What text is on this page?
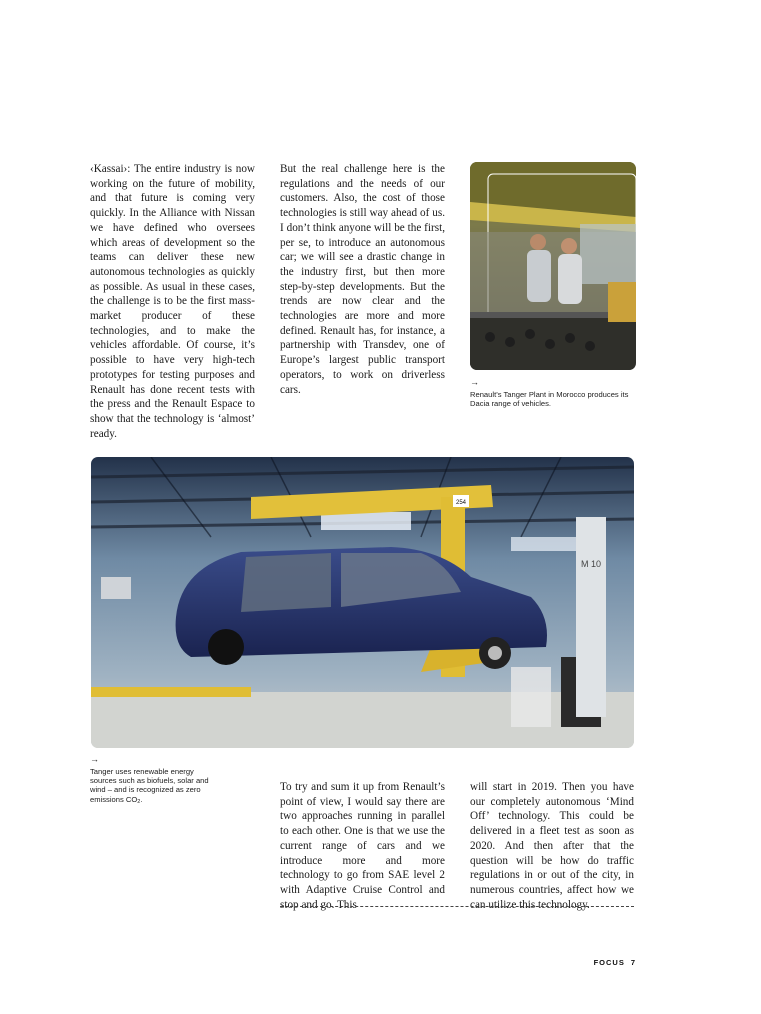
‹Kassai›: The entire industry is now working on the future of mobility, and that future is coming very quickly. In the Alliance with Nissan we have defined who oversees which areas of development so the teams can deliver these new autonomous technologies as quickly as possible. As usual in these cases, the challenge is to be the first mass-market producer of these technologies, and to make the vehicles affordable. Of course, it’s possible to have very high-tech prototypes for testing purposes and Renault has done recent tests with the press and the Renault Espace to show that the technology is ‘almost’ ready.

But the real challenge here is the regulations and the needs of our customers. Also, the cost of those technologies is still way ahead of us. I don’t think anyone will be the first, per se, to introduce an autonomous car; we will see a drastic change in the industry first, but then more step-by-step developments. But the trends are now clear and the technologies are more and more defined. Renault has, for instance, a partnership with Transdev, one of Europe’s largest public transport operators, to work on driverless cars.

→
Renault’s Tanger Plant in Morocco produces its Dacia range of vehicles.
254
M 10
→
Tanger uses renewable energy sources such as biofuels, solar and wind – and is recognized as zero emissions $CO_2$.

To try and sum it up from Renault’s point of view, I would say there are two approaches running in parallel to each other. One is that we use the current range of cars and we introduce more and more technology to go from SAE level 2 with Adaptive Cruise Control and stop and go. This

will start in 2019. Then you have our completely autonomous ‘Mind Off’ technology. This could be delivered in a fleet test as soon as 2020. And then after that the question will be how do traffic regulations in or out of the city, in numerous countries, affect how we can utilize this technology.

FOCUS 7
